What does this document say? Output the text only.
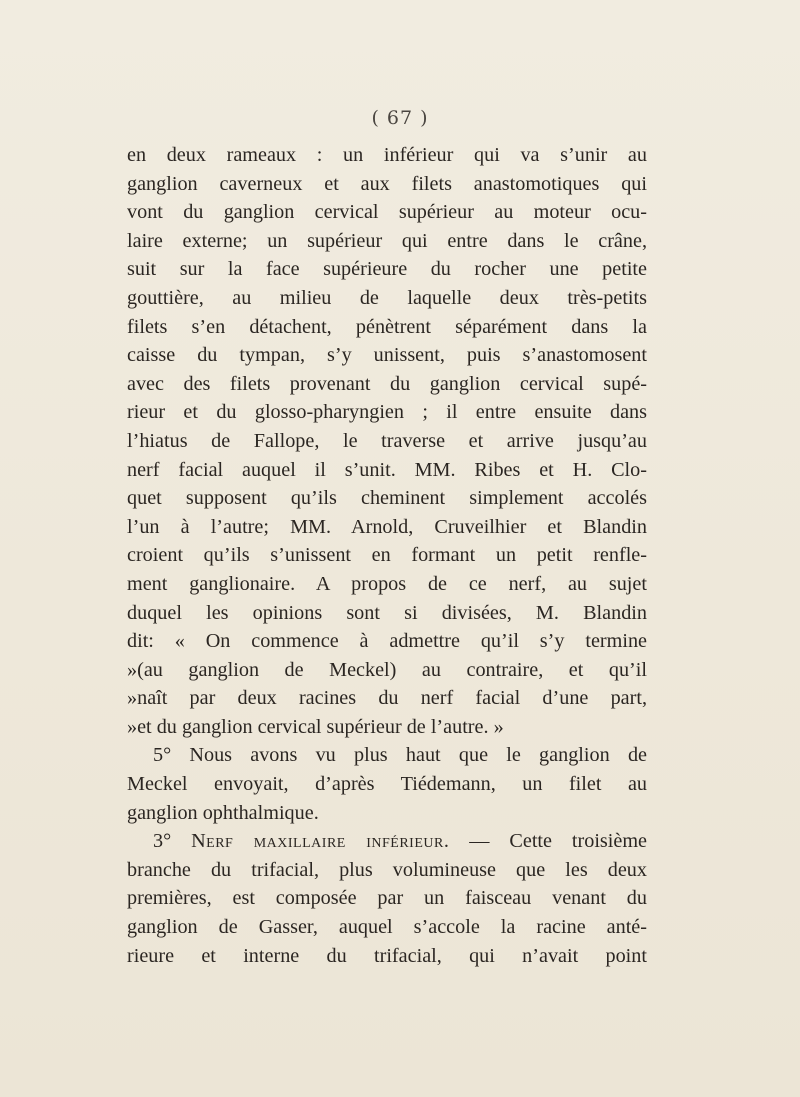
( 67 )
en deux rameaux : un inférieur qui va s’unir au
ganglion caverneux et aux filets anastomotiques qui
vont du ganglion cervical supérieur au moteur ocu-
laire externe; un supérieur qui entre dans le crâne,
suit sur la face supérieure du rocher une petite
gouttière, au milieu de laquelle deux très-petits
filets s’en détachent, pénètrent séparément dans la
caisse du tympan, s’y unissent, puis s’anastomosent
avec des filets provenant du ganglion cervical supé-
rieur et du glosso-pharyngien ; il entre ensuite dans
l’hiatus de Fallope, le traverse et arrive jusqu’au
nerf facial auquel il s’unit. MM. Ribes et H. Clo-
quet supposent qu’ils cheminent simplement accolés
l’un à l’autre; MM. Arnold, Cruveilhier et Blandin
croient qu’ils s’unissent en formant un petit renfle-
ment ganglionaire. A propos de ce nerf, au sujet
duquel les opinions sont si divisées, M. Blandin
dit: « On commence à admettre qu’il s’y termine
»(au ganglion de Meckel) au contraire, et qu’il
»naît par deux racines du nerf facial d’une part,
»et du ganglion cervical supérieur de l’autre. »
5° Nous avons vu plus haut que le ganglion de
Meckel envoyait, d’après Tiédemann, un filet au
ganglion ophthalmique.
3° Nerf maxillaire inférieur. — Cette troisième
branche du trifacial, plus volumineuse que les deux
premières, est composée par un faisceau venant du
ganglion de Gasser, auquel s’accole la racine anté-
rieure et interne du trifacial, qui n’avait point
